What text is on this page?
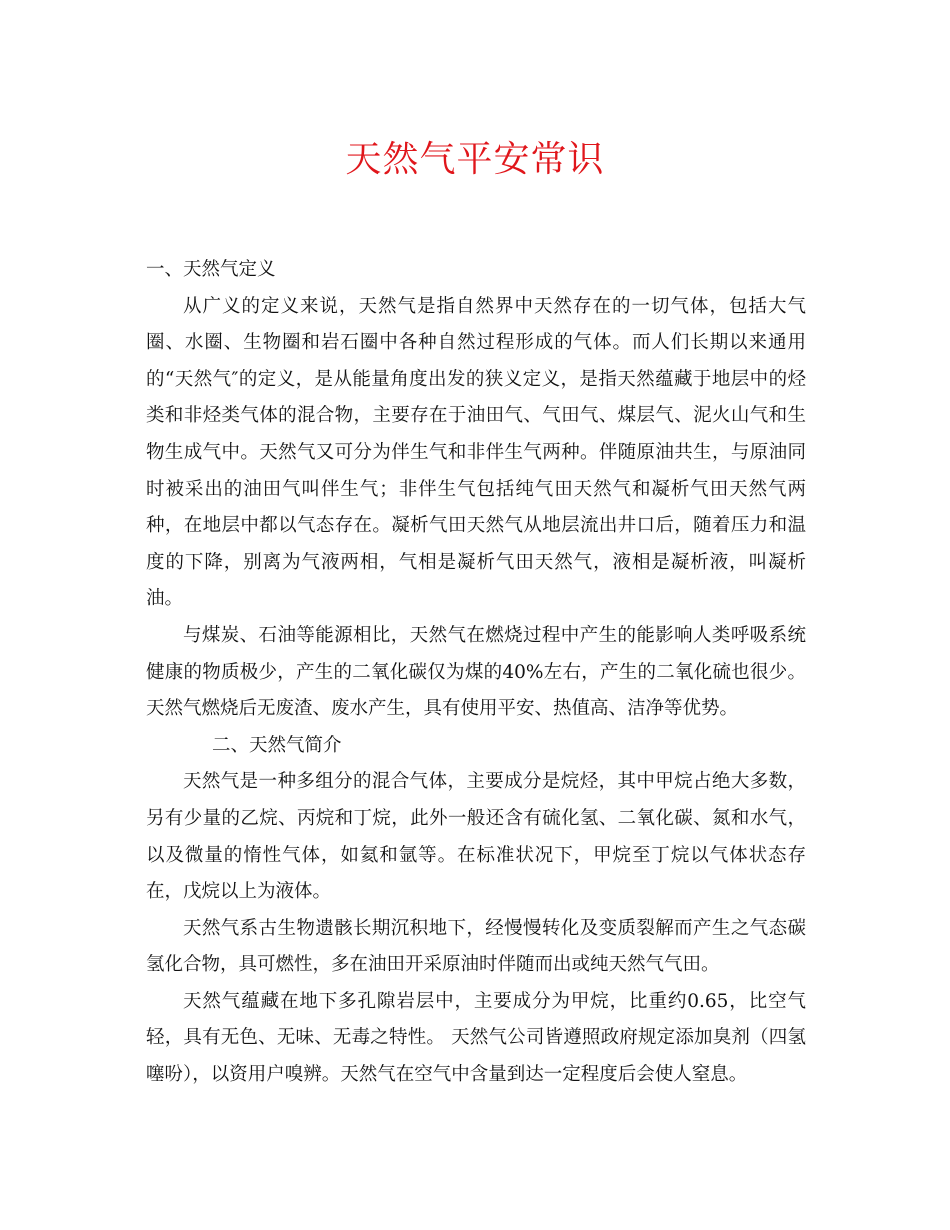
天然气平安常识

一、天然气定义

从广义的定义来说，天然气是指自然界中天然存在的一切气体，包括大气圈、水圈、生物圈和岩石圈中各种自然过程形成的气体。而人们长期以来通用的“天然气″的定义，是从能量角度出发的狭义定义，是指天然蕴藏于地层中的烃类和非烃类气体的混合物，主要存在于油田气、气田气、煤层气、泥火山气和生物生成气中。天然气又可分为伴生气和非伴生气两种。伴随原油共生，与原油同时被采出的油田气叫伴生气；非伴生气包括纯气田天然气和凝析气田天然气两种，在地层中都以气态存在。凝析气田天然气从地层流出井口后，随着压力和温度的下降，别离为气液两相，气相是凝析气田天然气，液相是凝析液，叫凝析油。

与煤炭、石油等能源相比，天然气在燃烧过程中产生的能影响人类呼吸系统健康的物质极少，产生的二氧化碳仅为煤的40%左右，产生的二氧化硫也很少。天然气燃烧后无废渣、废水产生，具有使用平安、热值高、洁净等优势。

二、天然气简介

天然气是一种多组分的混合气体，主要成分是烷烃，其中甲烷占绝大多数，另有少量的乙烷、丙烷和丁烷，此外一般还含有硫化氢、二氧化碳、氮和水气，以及微量的惰性气体，如氦和氩等。在标准状况下，甲烷至丁烷以气体状态存在，戊烷以上为液体。

天然气系古生物遗骸长期沉积地下，经慢慢转化及变质裂解而产生之气态碳氢化合物，具可燃性，多在油田开采原油时伴随而出或纯天然气气田。

天然气蕴藏在地下多孔隙岩层中，主要成分为甲烷，比重约0.65，比空气轻，具有无色、无味、无毒之特性。 天然气公司皆遵照政府规定添加臭剂（四氢噻吩），以资用户嗅辨。天然气在空气中含量到达一定程度后会使人窒息。
